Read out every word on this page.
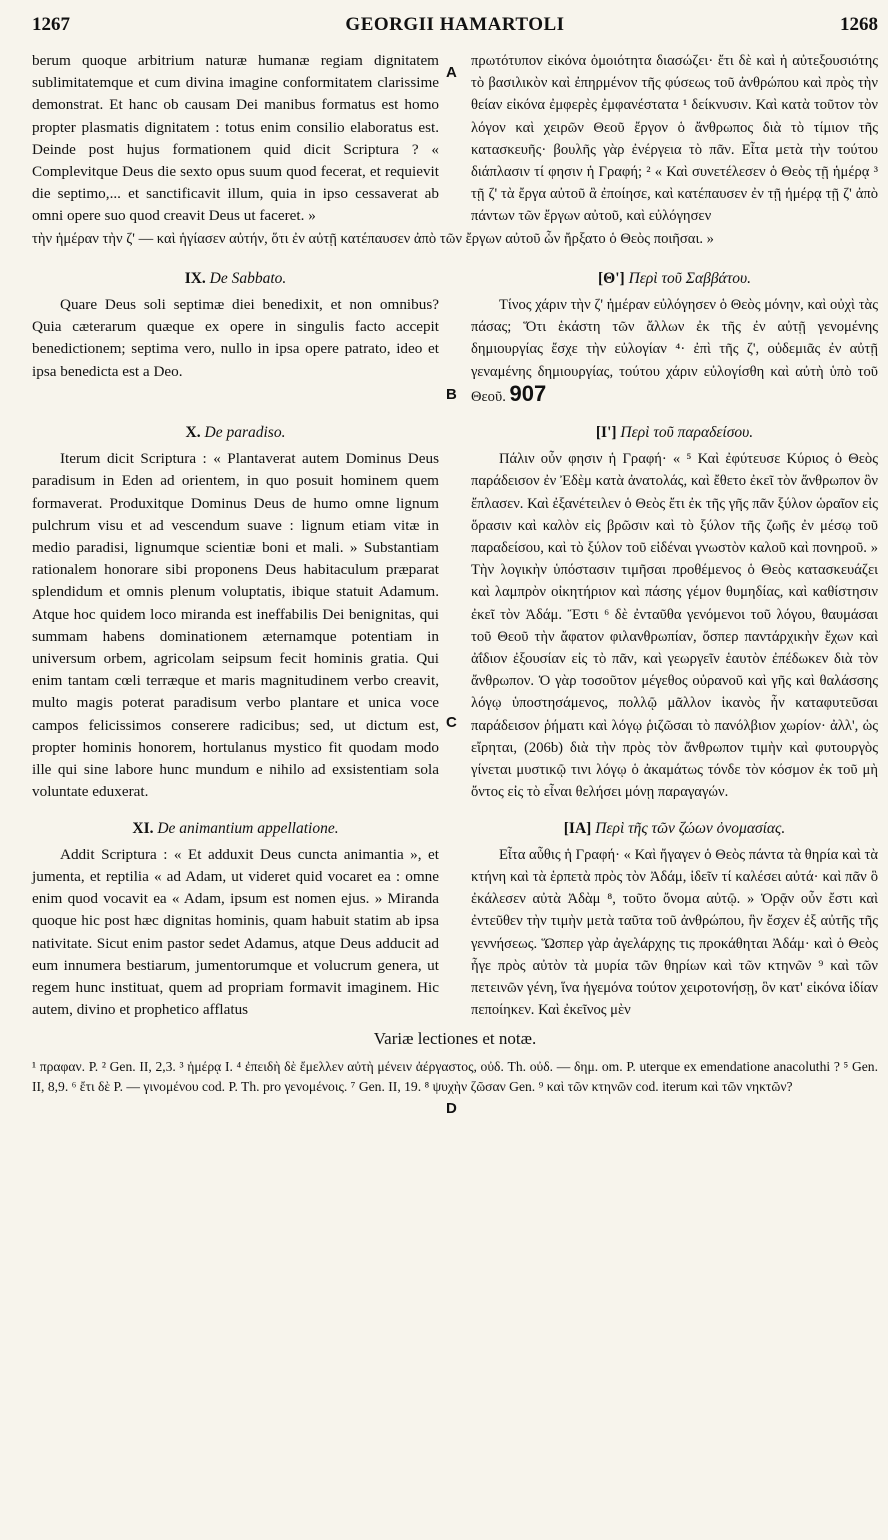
1267	GEORGII HAMARTOLI	1268
A
B
C
D

berum quoque arbitrium naturæ humanæ regiam dignitatem sublimitatemque et cum divina imagine conformitatem clarissime demonstrat. Et hanc ob causam Dei manibus formatus est homo propter plasmatis dignitatem : totus enim consilio elaboratus est. Deinde post hujus formationem quid dicit Scriptura ? « Complevitque Deus die sexto opus suum quod fecerat, et requievit die septimo,... et sanctificavit illum, quia in ipso cessaverat ab omni opere suo quod creavit Deus ut faceret. »

πρωτότυπον εἰκόνα ὁμοιότητα διασώζει· ἔτι δὲ καὶ ἡ αὐτεξουσιότης τὸ βασιλικὸν καὶ ἐπηρμένον τῆς φύσεως τοῦ ἀνθρώπου καὶ πρὸς τὴν θείαν εἰκόνα ἐμφερὲς ἐμφανέστατα ¹ δείκνυσιν. Καὶ κατὰ τοῦτον τὸν λόγον καὶ χειρῶν Θεοῦ ἔργον ὁ ἄνθρωπος διὰ τὸ τίμιον τῆς κατασκευῆς· βουλῆς γὰρ ἐνέργεια τὸ πᾶν. Εἶτα μετὰ τὴν τούτου διάπλασιν τί φησιν ἡ Γραφή; ² « Καὶ συνετέλεσεν ὁ Θεὸς τῇ ἡμέρᾳ ³ τῇ ζ' τὰ ἔργα αὐτοῦ ἃ ἐποίησε, καὶ κατέπαυσεν ἐν τῇ ἡμέρᾳ τῇ ζ' ἀπὸ πάντων τῶν ἔργων αὐτοῦ, καὶ εὐλόγησεν

τὴν ἡμέραν τὴν ζ' — καὶ ἡγίασεν αὐτήν, ὅτι ἐν αὐτῇ κατέπαυσεν ἀπὸ τῶν ἔργων αὐτοῦ ὧν ἤρξατο ὁ Θεὸς ποιῆσαι. »

IX. De Sabbato.

Quare Deus soli septimæ diei benedixit, et non omnibus? Quia cæterarum quæque ex opere in singulis facto accepit benedictionem; septima vero, nullo in ipsa opere patrato, ideo et ipsa benedicta est a Deo.

[Θ'] Περὶ τοῦ Σαββάτου.

Τίνος χάριν τὴν ζ' ἡμέραν εὐλόγησεν ὁ Θεὸς μόνην, καὶ οὐχὶ τὰς πάσας; Ὅτι ἑκάστη τῶν ἄλλων ἐκ τῆς ἐν αὐτῇ γενομένης δημιουργίας ἔσχε τὴν εὐλογίαν ⁴· ἐπὶ τῆς ζ', οὐδεμιᾶς ἐν αὐτῇ γεναμένης δημιουργίας, τούτου χάριν εὐλογίσθη καὶ αὐτὴ ὑπὸ τοῦ Θεοῦ. 907

X. De paradiso.

Iterum dicit Scriptura : « Plantaverat autem Dominus Deus paradisum in Eden ad orientem, in quo posuit hominem quem formaverat. Produxitque Dominus Deus de humo omne lignum pulchrum visu et ad vescendum suave : lignum etiam vitæ in medio paradisi, lignumque scientiæ boni et mali. » Substantiam rationalem honorare sibi proponens Deus habitaculum præparat splendidum et omnis plenum voluptatis, ibique statuit Adamum. Atque hoc quidem loco miranda est ineffabilis Dei benignitas, qui summam habens dominationem æternamque potentiam in universum orbem, agricolam seipsum fecit hominis gratia. Qui enim tantam cœli terræque et maris magnitudinem verbo creavit, multo magis poterat paradisum verbo plantare et unica voce campos felicissimos conserere radicibus; sed, ut dictum est, propter hominis honorem, hortulanus mystico fit quodam modo ille qui sine labore hunc mundum e nihilo ad exsistentiam sola voluntate eduxerat.

[Ι'] Περὶ τοῦ παραδείσου.

Πάλιν οὖν φησιν ἡ Γραφή· « ⁵ Καὶ ἐφύτευσε Κύριος ὁ Θεὸς παράδεισον ἐν Ἐδὲμ κατὰ ἀνατολάς, καὶ ἔθετο ἐκεῖ τὸν ἄνθρωπον ὃν ἔπλασεν. Καὶ ἐξανέτειλεν ὁ Θεὸς ἔτι ἐκ τῆς γῆς πᾶν ξύλον ὡραῖον εἰς ὅρασιν καὶ καλὸν εἰς βρῶσιν καὶ τὸ ξύλον τῆς ζωῆς ἐν μέσῳ τοῦ παραδείσου, καὶ τὸ ξύλον τοῦ εἰδέναι γνωστὸν καλοῦ καὶ πονηροῦ. » Τὴν λογικὴν ὑπόστασιν τιμῆσαι προθέμενος ὁ Θεὸς κατασκευάζει καὶ λαμπρὸν οἰκητήριον καὶ πάσης γέμον θυμηδίας, καὶ καθίστησιν ἐκεῖ τὸν Ἀδάμ. Ἔστι ⁶ δὲ ἐνταῦθα γενόμενοι τοῦ λόγου, θαυμάσαι τοῦ Θεοῦ τὴν ἄφατον φιλανθρωπίαν, ὅσπερ παντάρχικὴν ἔχων καὶ ἀΐδιον ἐξουσίαν εἰς τὸ πᾶν, καὶ γεωργεῖν ἑαυτὸν ἐπέδωκεν διὰ τὸν ἄνθρωπον. Ὁ γὰρ τοσοῦτον μέγεθος οὐρανοῦ καὶ γῆς καὶ θαλάσσης λόγῳ ὑποστησάμενος, πολλῷ μᾶλλον ἱκανὸς ἦν καταφυτεῦσαι παράδεισον ῥήματι καὶ λόγῳ ῥιζῶσαι τὸ πανόλβιον χωρίον· ἀλλ', ὡς εἴρηται, (206b) διὰ τὴν πρὸς τὸν ἄνθρωπον τιμὴν καὶ φυτουργὸς γίνεται μυστικῷ τινι λόγῳ ὁ ἀκαμάτως τόνδε τὸν κόσμον ἐκ τοῦ μὴ ὄντος εἰς τὸ εἶναι θελήσει μόνῃ παραγαγών.

XI. De animantium appellatione.

Addit Scriptura : « Et adduxit Deus cuncta animantia », et jumenta, et reptilia « ad Adam, ut videret quid vocaret ea : omne enim quod vocavit ea « Adam, ipsum est nomen ejus. » Miranda quoque hic post hæc dignitas hominis, quam habuit statim ab ipsa nativitate. Sicut enim pastor sedet Adamus, atque Deus adducit ad eum innumera bestiarum, jumentorumque et volucrum genera, ut regem hunc instituat, quem ad propriam formavit imaginem. Hic autem, divino et prophetico afflatus

[ΙΑ] Περὶ τῆς τῶν ζώων ὀνομασίας.

Εἶτα αὖθις ἡ Γραφή· « Καὶ ἤγαγεν ὁ Θεὸς πάντα τὰ θηρία καὶ τὰ κτήνη καὶ τὰ ἑρπετὰ πρὸς τὸν Ἀδάμ, ἰδεῖν τί καλέσει αὐτά· καὶ πᾶν ὃ ἐκάλεσεν αὐτὰ Ἀδὰμ ⁸, τοῦτο ὄνομα αὐτῷ. » Ὁρᾷν οὖν ἔστι καὶ ἐντεῦθεν τὴν τιμὴν μετὰ ταῦτα τοῦ ἀνθρώπου, ἣν ἔσχεν ἐξ αὐτῆς τῆς γεννήσεως. Ὥσπερ γὰρ ἀγελάρχης τις προκάθηται Ἀδάμ· καὶ ὁ Θεὸς ἦγε πρὸς αὐτὸν τὰ μυρία τῶν θηρίων καὶ τῶν κτηνῶν ⁹ καὶ τῶν πετεινῶν γένη, ἵνα ἡγεμόνα τούτον χειροτονήσῃ, ὃν κατ' εἰκόνα ἰδίαν πεποίηκεν. Καὶ ἐκεῖνος μὲν

Variæ lectiones et notæ.
¹ πραφαν. P. ² Gen. II, 2,3. ³ ἡμέρᾳ I. ⁴ ἐπειδὴ δὲ ἔμελλεν αὐτὴ μένειν ἀέργαστος, οὐδ. Th. οὐδ. — δημ. om. P. uterque ex emendatione anacoluthi ? ⁵ Gen. II, 8,9. ⁶ ἔτι δὲ P. — γινομένου cod. P. Th. pro γενομένοις. ⁷ Gen. II, 19. ⁸ ψυχὴν ζῶσαν Gen. ⁹ καὶ τῶν κτηνῶν cod. iterum καὶ τῶν νηκτῶν?
